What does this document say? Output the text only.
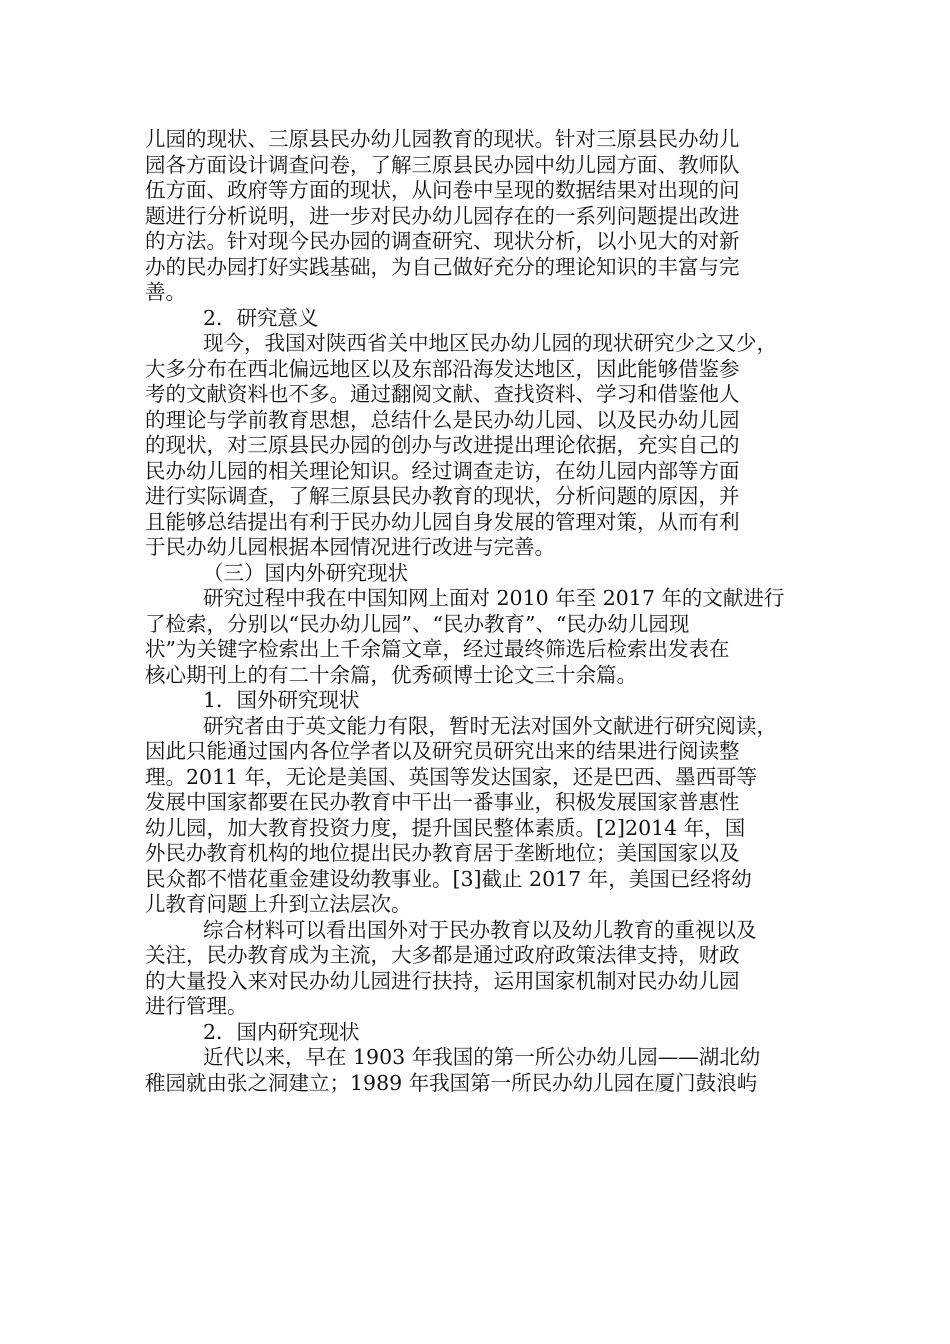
儿园的现状、三原县民办幼儿园教育的现状。针对三原县民办幼儿
园各方面设计调查问卷，了解三原县民办园中幼儿园方面、教师队
伍方面、政府等方面的现状，从问卷中呈现的数据结果对出现的问
题进行分析说明，进一步对民办幼儿园存在的一系列问题提出改进
的方法。针对现今民办园的调查研究、现状分析，以小见大的对新
办的民办园打好实践基础，为自己做好充分的理论知识的丰富与完
善。
2．研究意义
现今，我国对陕西省关中地区民办幼儿园的现状研究少之又少，
大多分布在西北偏远地区以及东部沿海发达地区，因此能够借鉴参
考的文献资料也不多。通过翻阅文献、查找资料、学习和借鉴他人
的理论与学前教育思想，总结什么是民办幼儿园、以及民办幼儿园
的现状，对三原县民办园的创办与改进提出理论依据，充实自己的
民办幼儿园的相关理论知识。经过调查走访，在幼儿园内部等方面
进行实际调查，了解三原县民办教育的现状，分析问题的原因，并
且能够总结提出有利于民办幼儿园自身发展的管理对策，从而有利
于民办幼儿园根据本园情况进行改进与完善。
（三）国内外研究现状
研究过程中我在中国知网上面对 2010 年至 2017 年的文献进行
了检索，分别以“民办幼儿园”、“民办教育”、“民办幼儿园现
状”为关键字检索出上千余篇文章，经过最终筛选后检索出发表在
核心期刊上的有二十余篇，优秀硕博士论文三十余篇。
1．国外研究现状
研究者由于英文能力有限，暂时无法对国外文献进行研究阅读，
因此只能通过国内各位学者以及研究员研究出来的结果进行阅读整
理。2011 年，无论是美国、英国等发达国家，还是巴西、墨西哥等
发展中国家都要在民办教育中干出一番事业，积极发展国家普惠性
幼儿园，加大教育投资力度，提升国民整体素质。[2]2014 年，国
外民办教育机构的地位提出民办教育居于垄断地位；美国国家以及
民众都不惜花重金建设幼教事业。[3]截止 2017 年，美国已经将幼
儿教育问题上升到立法层次。
综合材料可以看出国外对于民办教育以及幼儿教育的重视以及
关注，民办教育成为主流，大多都是通过政府政策法律支持，财政
的大量投入来对民办幼儿园进行扶持，运用国家机制对民办幼儿园
进行管理。
2．国内研究现状
近代以来，早在 1903 年我国的第一所公办幼儿园——湖北幼
稚园就由张之洞建立；1989 年我国第一所民办幼儿园在厦门鼓浪屿
